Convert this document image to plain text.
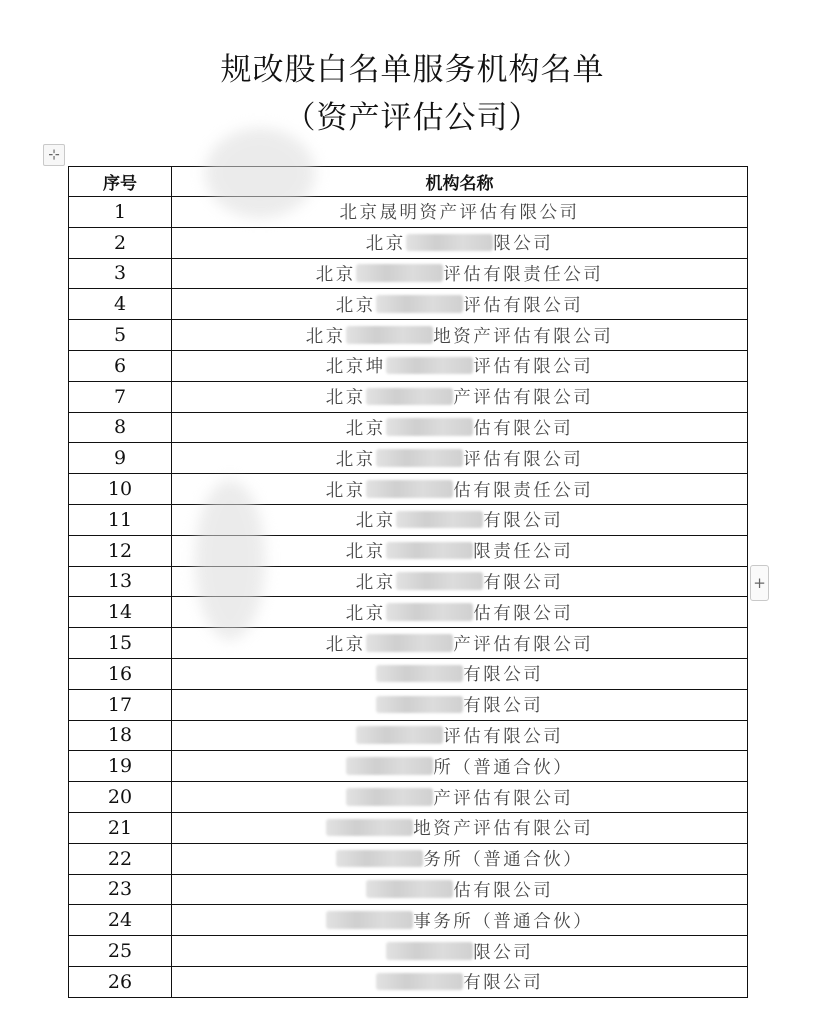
规改股白名单服务机构名单
（资产评估公司）
⊹
+
序号	机构名称
1	北京晟明资产评估有限公司
2	北京 限公司
3	北京 评估有限责任公司
4	北京 评估有限公司
5	北京 地资产评估有限公司
6	北京坤 评估有限公司
7	北京 产评估有限公司
8	北京 估有限公司
9	北京 评估有限公司
10	北京 估有限责任公司
11	北京 有限公司
12	北京 限责任公司
13	北京 有限公司
14	北京 估有限公司
15	北京 产评估有限公司
16	有限公司
17	有限公司
18	评估有限公司
19	所（普通合伙）
20	产评估有限公司
21	地资产评估有限公司
22	务所（普通合伙）
23	估有限公司
24	事务所（普通合伙）
25	限公司
26	有限公司
